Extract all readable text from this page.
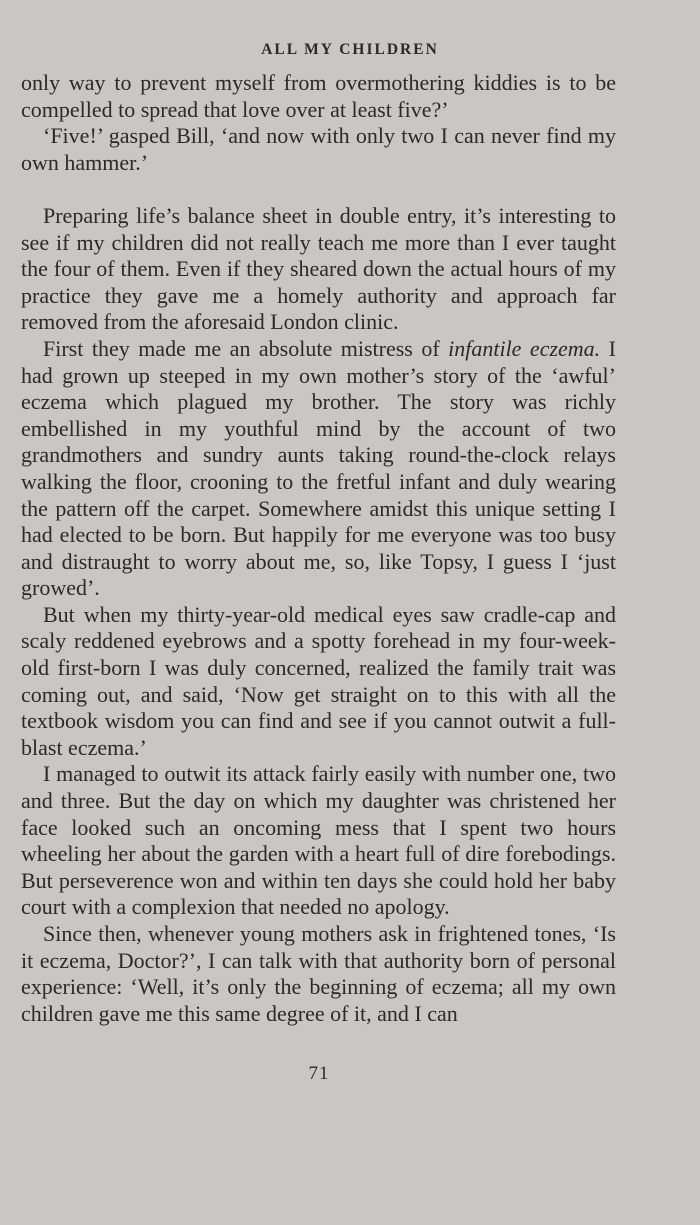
ALL MY CHILDREN

only way to prevent myself from overmothering kiddies is to be compelled to spread that love over at least five?’

‘Five!’ gasped Bill, ‘and now with only two I can never find my own hammer.’

Preparing life’s balance sheet in double entry, it’s interesting to see if my children did not really teach me more than I ever taught the four of them. Even if they sheared down the actual hours of my practice they gave me a homely authority and approach far removed from the aforesaid London clinic.

First they made me an absolute mistress of infantile eczema. I had grown up steeped in my own mother’s story of the ‘awful’ eczema which plagued my brother. The story was richly embellished in my youthful mind by the account of two grandmothers and sundry aunts taking round-the-clock relays walking the floor, crooning to the fretful infant and duly wearing the pattern off the carpet. Somewhere amidst this unique setting I had elected to be born. But happily for me everyone was too busy and distraught to worry about me, so, like Topsy, I guess I ‘just growed’.

But when my thirty-year-old medical eyes saw cradle-cap and scaly reddened eyebrows and a spotty forehead in my four-week-old first-born I was duly concerned, realized the family trait was coming out, and said, ‘Now get straight on to this with all the textbook wisdom you can find and see if you cannot outwit a full-blast eczema.’

I managed to outwit its attack fairly easily with number one, two and three. But the day on which my daughter was christened her face looked such an oncoming mess that I spent two hours wheeling her about the garden with a heart full of dire forebodings. But perseverence won and within ten days she could hold her baby court with a complexion that needed no apology.

Since then, whenever young mothers ask in frightened tones, ‘Is it eczema, Doctor?’, I can talk with that authority born of personal experience: ‘Well, it’s only the beginning of eczema; all my own children gave me this same degree of it, and I can

71
